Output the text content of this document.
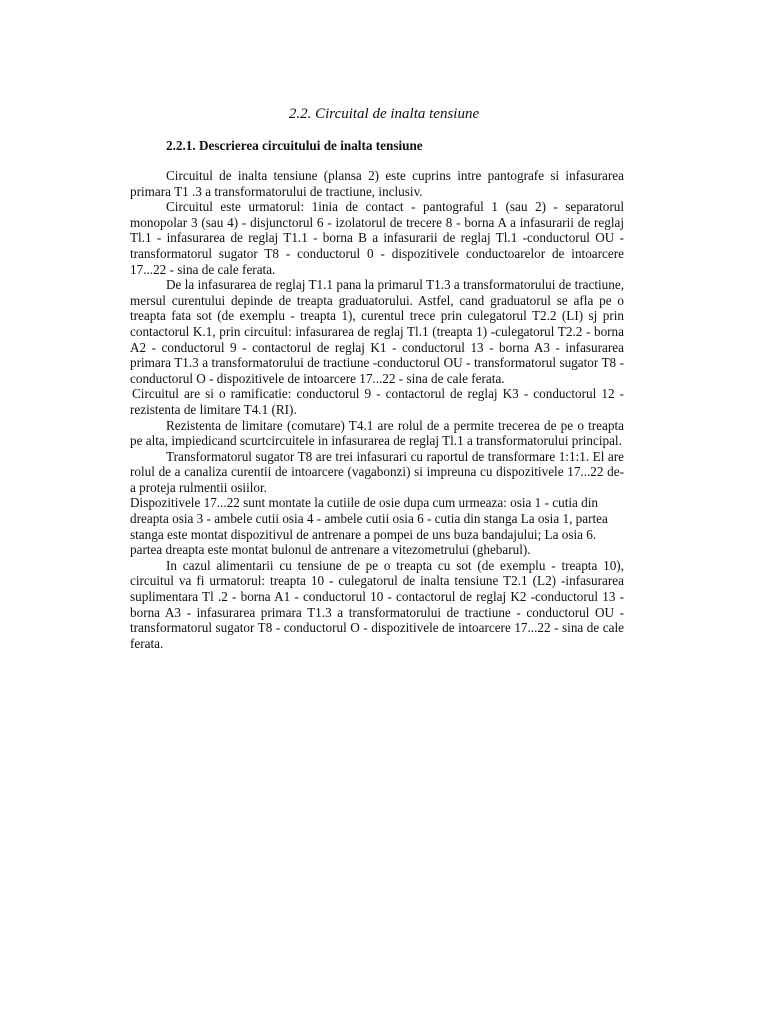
2.2. Circuital de inalta tensiune
2.2.1. Descrierea circuitului de inalta tensiune

Circuitul de inalta tensiune (plansa 2) este cuprins intre pantografe si infasurarea primara T1 .3 a transformatorului de tractiune, inclusiv.

Circuitul este urmatorul: 1inia de contact - pantograful 1 (sau 2) - separatorul monopolar 3 (sau 4) - disjunctorul 6 - izolatorul de trecere 8 - borna A a infasurarii de reglaj Tl.1 - infasurarea de reglaj T1.1 - borna B a infasurarii de reglaj Tl.1 -conductorul OU - transformatorul sugator T8 - conductorul 0 - dispozitivele conductoarelor de intoarcere 17...22 - sina de cale ferata.

De la infasurarea de reglaj T1.1 pana la primarul T1.3 a transformatorului de tractiune, mersul curentului depinde de treapta graduatorului. Astfel, cand graduatorul se afla pe o treapta fata sot (de exemplu - treapta 1), curentul trece prin culegatorul T2.2 (LI) sj prin contactorul K.1, prin circuitul: infasurarea de reglaj Tl.1 (treapta 1) -culegatorul T2.2 - borna A2 - conductorul 9 - contactorul de reglaj K1 - conductorul 13 - borna A3 - infasurarea primara T1.3 a transformatorului de tractiune -conductorul OU - transformatorul sugator T8 - conductorul O - dispozitivele de intoarcere 17...22 - sina de cale ferata.

Circuitul are si o ramificatie: conductorul 9 - contactorul de reglaj K3 - conductorul 12 - rezistenta de limitare T4.1 (RI).

Rezistenta de limitare (comutare) T4.1 are rolul de a permite trecerea de pe o treapta pe alta, impiedicand scurtcircuitele in infasurarea de reglaj Tl.1 a transformatorului principal.

Transformatorul sugator T8 are trei infasurari cu raportul de transformare 1:1:1. El are rolul de a canaliza curentii de intoarcere (vagabonzi) si impreuna cu dispozitivele 17...22 de-a proteja rulmentii osiilor.

Dispozitivele 17...22 sunt montate la cutiile de osie dupa cum urmeaza: osia 1 - cutia din dreapta osia 3 - ambele cutii osia 4 - ambele cutii osia 6 - cutia din stanga La osia 1, partea stanga este montat dispozitivul de antrenare a pompei de uns buza bandajului; La osia 6. partea dreapta este montat bulonul de antrenare a vitezometrului (ghebarul).

In cazul alimentarii cu tensiune de pe o treapta cu sot (de exemplu - treapta 10), circuitul va fi urmatorul: treapta 10 - culegatorul de inalta tensiune T2.1 (L2) -infasurarea suplimentara Tl .2 - borna A1 - conductorul 10 - contactorul de reglaj K2 -conductorul 13 - borna A3 - infasurarea primara T1.3 a transformatorului de tractiune - conductorul OU - transformatorul sugator T8 - conductorul O - dispozitivele de intoarcere 17...22 - sina de cale ferata.
